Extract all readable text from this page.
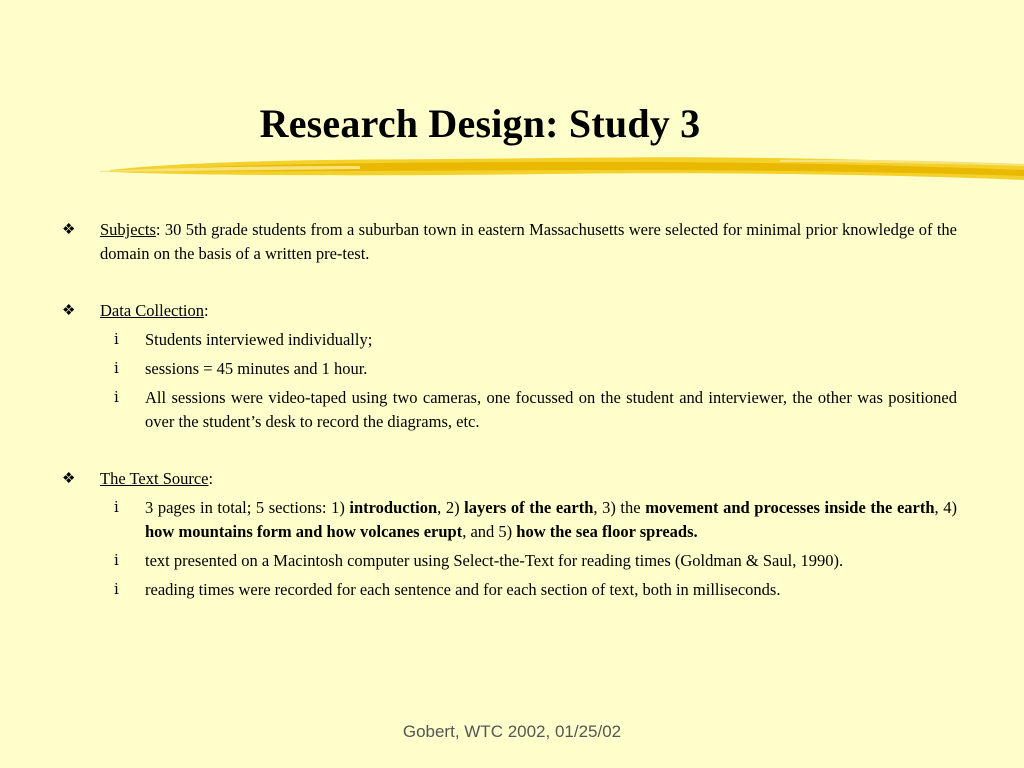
Research Design: Study 3
❖ Subjects: 30 5th grade students from a suburban town in eastern Massachusetts were selected for minimal prior knowledge of the domain on the basis of a written pre-test.
❖ Data Collection:
ⅰ Students interviewed individually;
ⅰ sessions = 45 minutes and 1 hour.
ⅰ All sessions were video-taped using two cameras, one focussed on the student and interviewer, the other was positioned over the student’s desk to record the diagrams, etc.
❖ The Text Source:
ⅰ 3 pages in total; 5 sections: 1) introduction, 2) layers of the earth, 3) the movement and processes inside the earth, 4) how mountains form and how volcanes erupt, and 5) how the sea floor spreads.
ⅰ text presented on a Macintosh computer using Select-the-Text for reading times (Goldman & Saul, 1990).
ⅰ reading times were recorded for each sentence and for each section of text, both in milliseconds.
Gobert, WTC 2002, 01/25/02
